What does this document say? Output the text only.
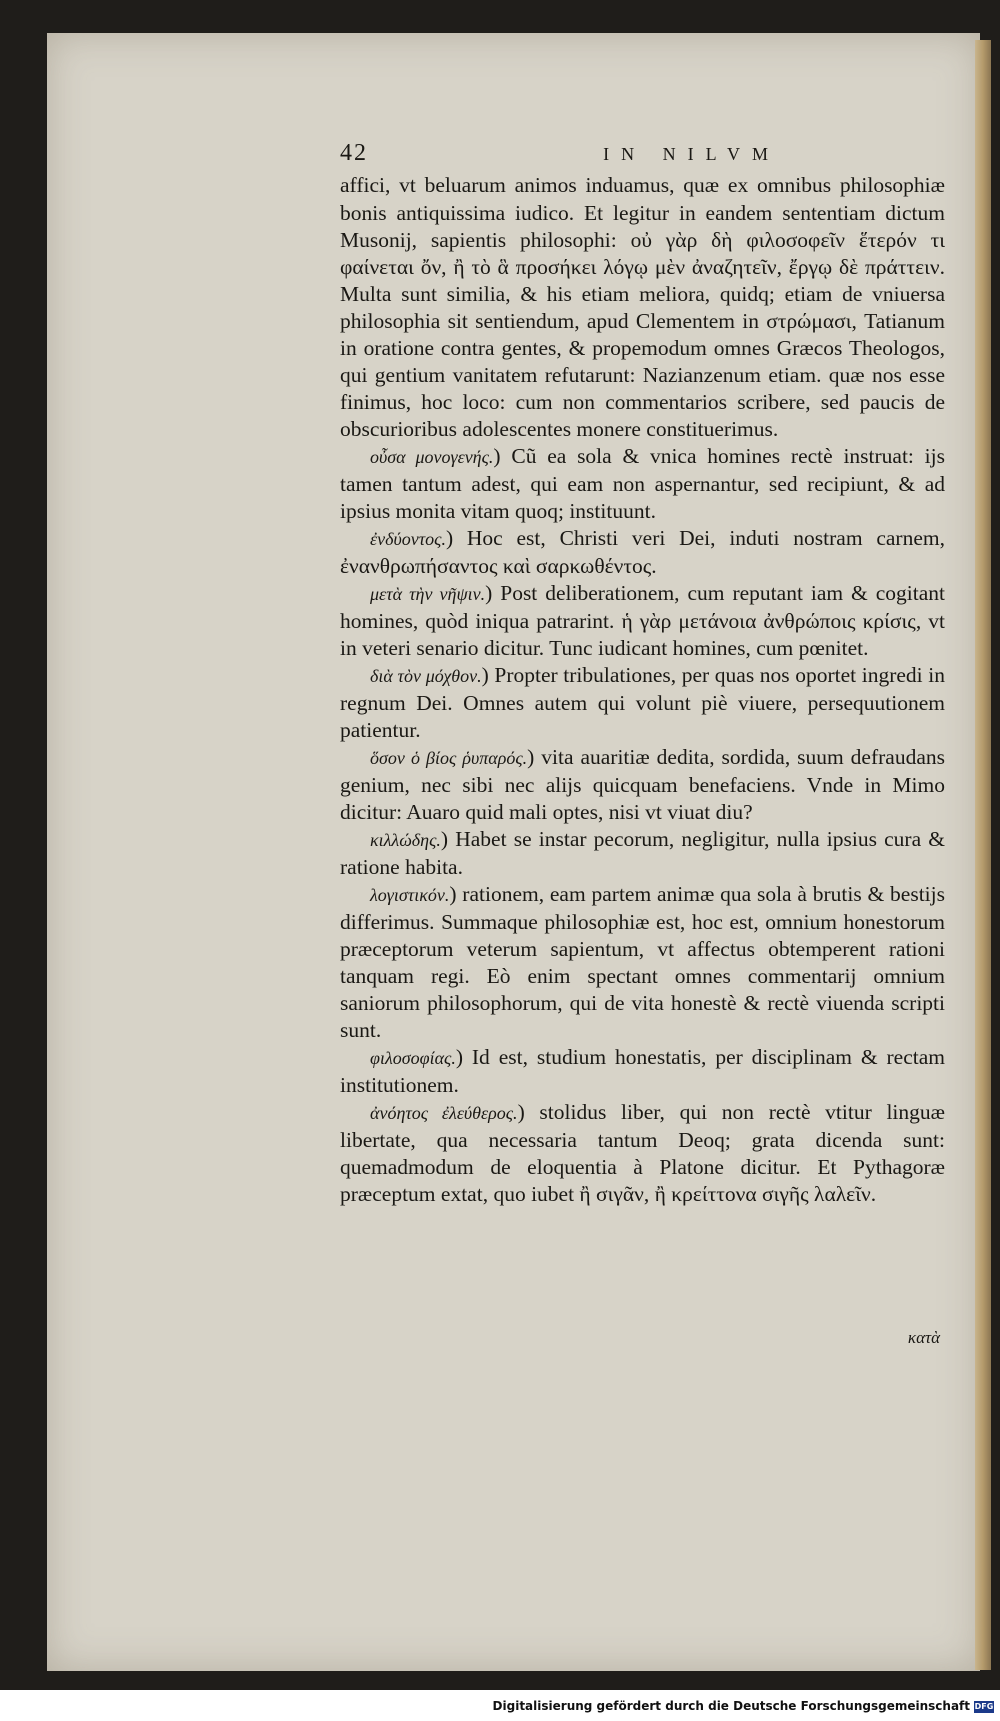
42	IN NILVM

affici, vt beluarum animos induamus, quæ ex omnibus philosophiæ bonis antiquissima iudico. Et legitur in eandem sententiam dictum Musonij, sapientis philosophi: οὐ γὰρ δὴ φιλοσοφεῖν ἕτερόν τι φαίνεται ὄν, ἢ τὸ ἃ προσήκει λόγῳ μὲν ἀναζητεῖν, ἔργῳ δὲ πράττειν. Multa sunt similia, & his etiam meliora, quidq; etiam de vniuersa philosophia sit sentiendum, apud Clementem in στρώμασι, Tatianum in oratione contra gentes, & propemodum omnes Græcos Theologos, qui gentium vanitatem refutarunt: Nazianzenum etiam. quæ nos esse finimus, hoc loco: cum non commentarios scribere, sed paucis de obscurioribus adolescentes monere constituerimus.

οὖσα μονογενής.) Cũ ea sola & vnica homines rectè instruat: ijs tamen tantum adest, qui eam non aspernantur, sed recipiunt, & ad ipsius monita vitam quoq; instituunt.

ἐνδύοντος.) Hoc est, Christi veri Dei, induti nostram carnem, ἐνανθρωπήσαντος καὶ σαρκωθέντος.

μετὰ τὴν νῆψιν.) Post deliberationem, cum reputant iam & cogitant homines, quòd iniqua patrarint. ἡ γὰρ μετάνοια ἀνθρώποις κρίσις, vt in veteri senario dicitur. Tunc iudicant homines, cum pœnitet.

διὰ τὸν μόχθον.) Propter tribulationes, per quas nos oportet ingredi in regnum Dei. Omnes autem qui volunt piè viuere, persequutionem patientur.

ὅσον ὁ βίος ῥυπαρός.) vita auaritiæ dedita, sordida, suum defraudans genium, nec sibi nec alijs quicquam benefaciens. Vnde in Mimo dicitur: Auaro quid mali optes, nisi vt viuat diu?

κιλλώδης.) Habet se instar pecorum, negligitur, nulla ipsius cura & ratione habita.

λογιστικόν.) rationem, eam partem animæ qua sola à brutis & bestijs differimus. Summaque philosophiæ est, hoc est, omnium honestorum præceptorum veterum sapientum, vt affectus obtemperent rationi tanquam regi. Eò enim spectant omnes commentarij omnium saniorum philosophorum, qui de vita honestè & rectè viuenda scripti sunt.

φιλοσοφίας.) Id est, studium honestatis, per disciplinam & rectam institutionem.

ἀνόητος ἐλεύθερος.) stolidus liber, qui non rectè vtitur linguæ libertate, qua necessaria tantum Deoq; grata dicenda sunt: quemadmodum de eloquentia à Platone dicitur. Et Pythagoræ præceptum extat, quo iubet ἢ σιγᾶν, ἢ κρείττονα σιγῆς λαλεῖν.

κατὰ
Digitalisierung gefördert durch die Deutsche Forschungsgemeinschaft DFG
